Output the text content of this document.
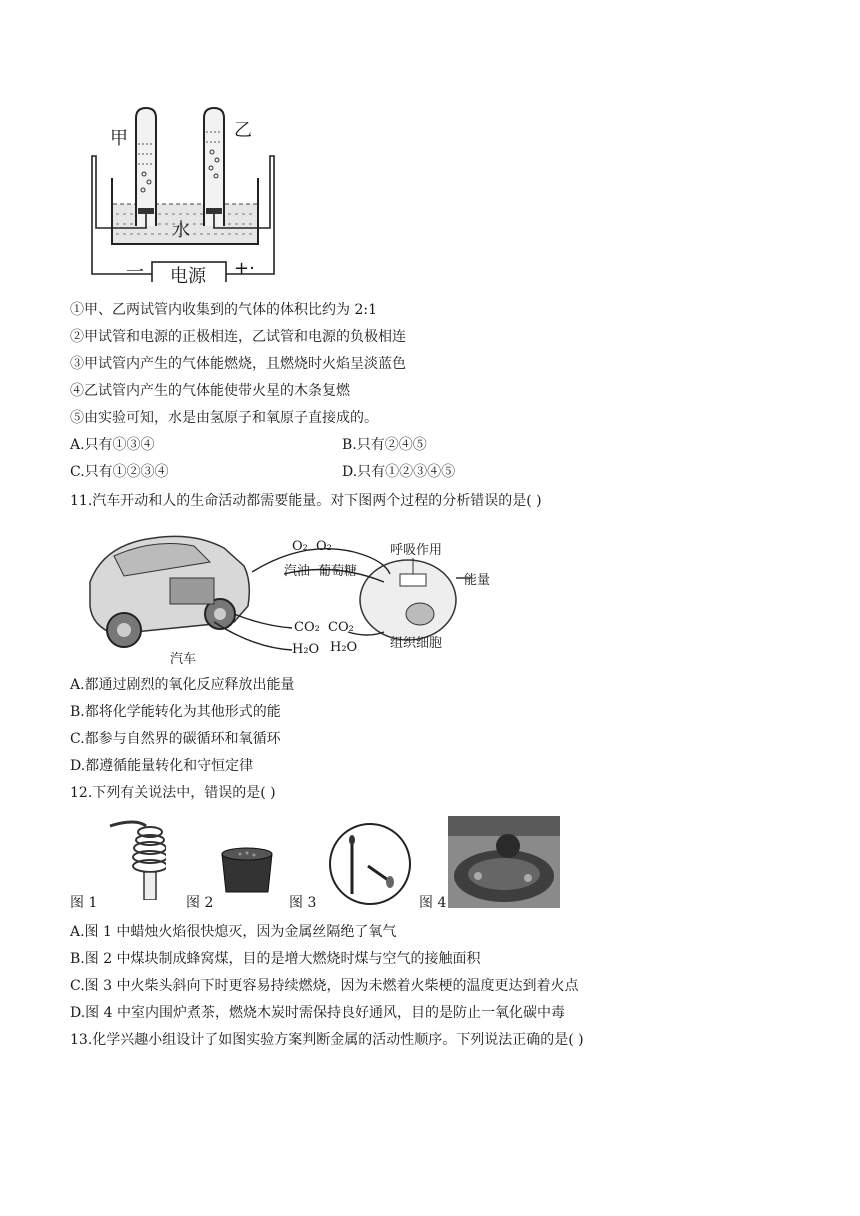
甲	乙
水
电源
一	+·
①甲、乙两试管内收集到的气体的体积比约为 2:1
②甲试管和电源的正极相连，乙试管和电源的负极相连
③甲试管内产生的气体能燃烧，且燃烧时火焰呈淡蓝色
④乙试管内产生的气体能使带火星的木条复燃
⑤由实验可知，水是由氢原子和氧原子直接成的。
A.只有①③④	B.只有②④⑤
C.只有①②③④	D.只有①②③④⑤
11.汽车开动和人的生命活动都需要能量。对下图两个过程的分析错误的是( )
O₂ O₂
汽油 葡萄糖
呼吸作用
能量
CO₂ CO₂
H₂O H₂O	组织细胞
汽车
A.都通过剧烈的氧化反应释放出能量
B.都将化学能转化为其他形式的能
C.都参与自然界的碳循环和氧循环
D.都遵循能量转化和守恒定律
12.下列有关说法中，错误的是( )
图 1	图 2	图 3	图 4
A.图 1 中蜡烛火焰很快熄灭，因为金属丝隔绝了氧气
B.图 2 中煤块制成蜂窝煤，目的是增大燃烧时煤与空气的接触面积
C.图 3 中火柴头斜向下时更容易持续燃烧，因为未燃着火柴梗的温度更达到着火点
D.图 4 中室内围炉煮茶，燃烧木炭时需保持良好通风，目的是防止一氧化碳中毒
13.化学兴趣小组设计了如图实验方案判断金属的活动性顺序。下列说法正确的是( )
